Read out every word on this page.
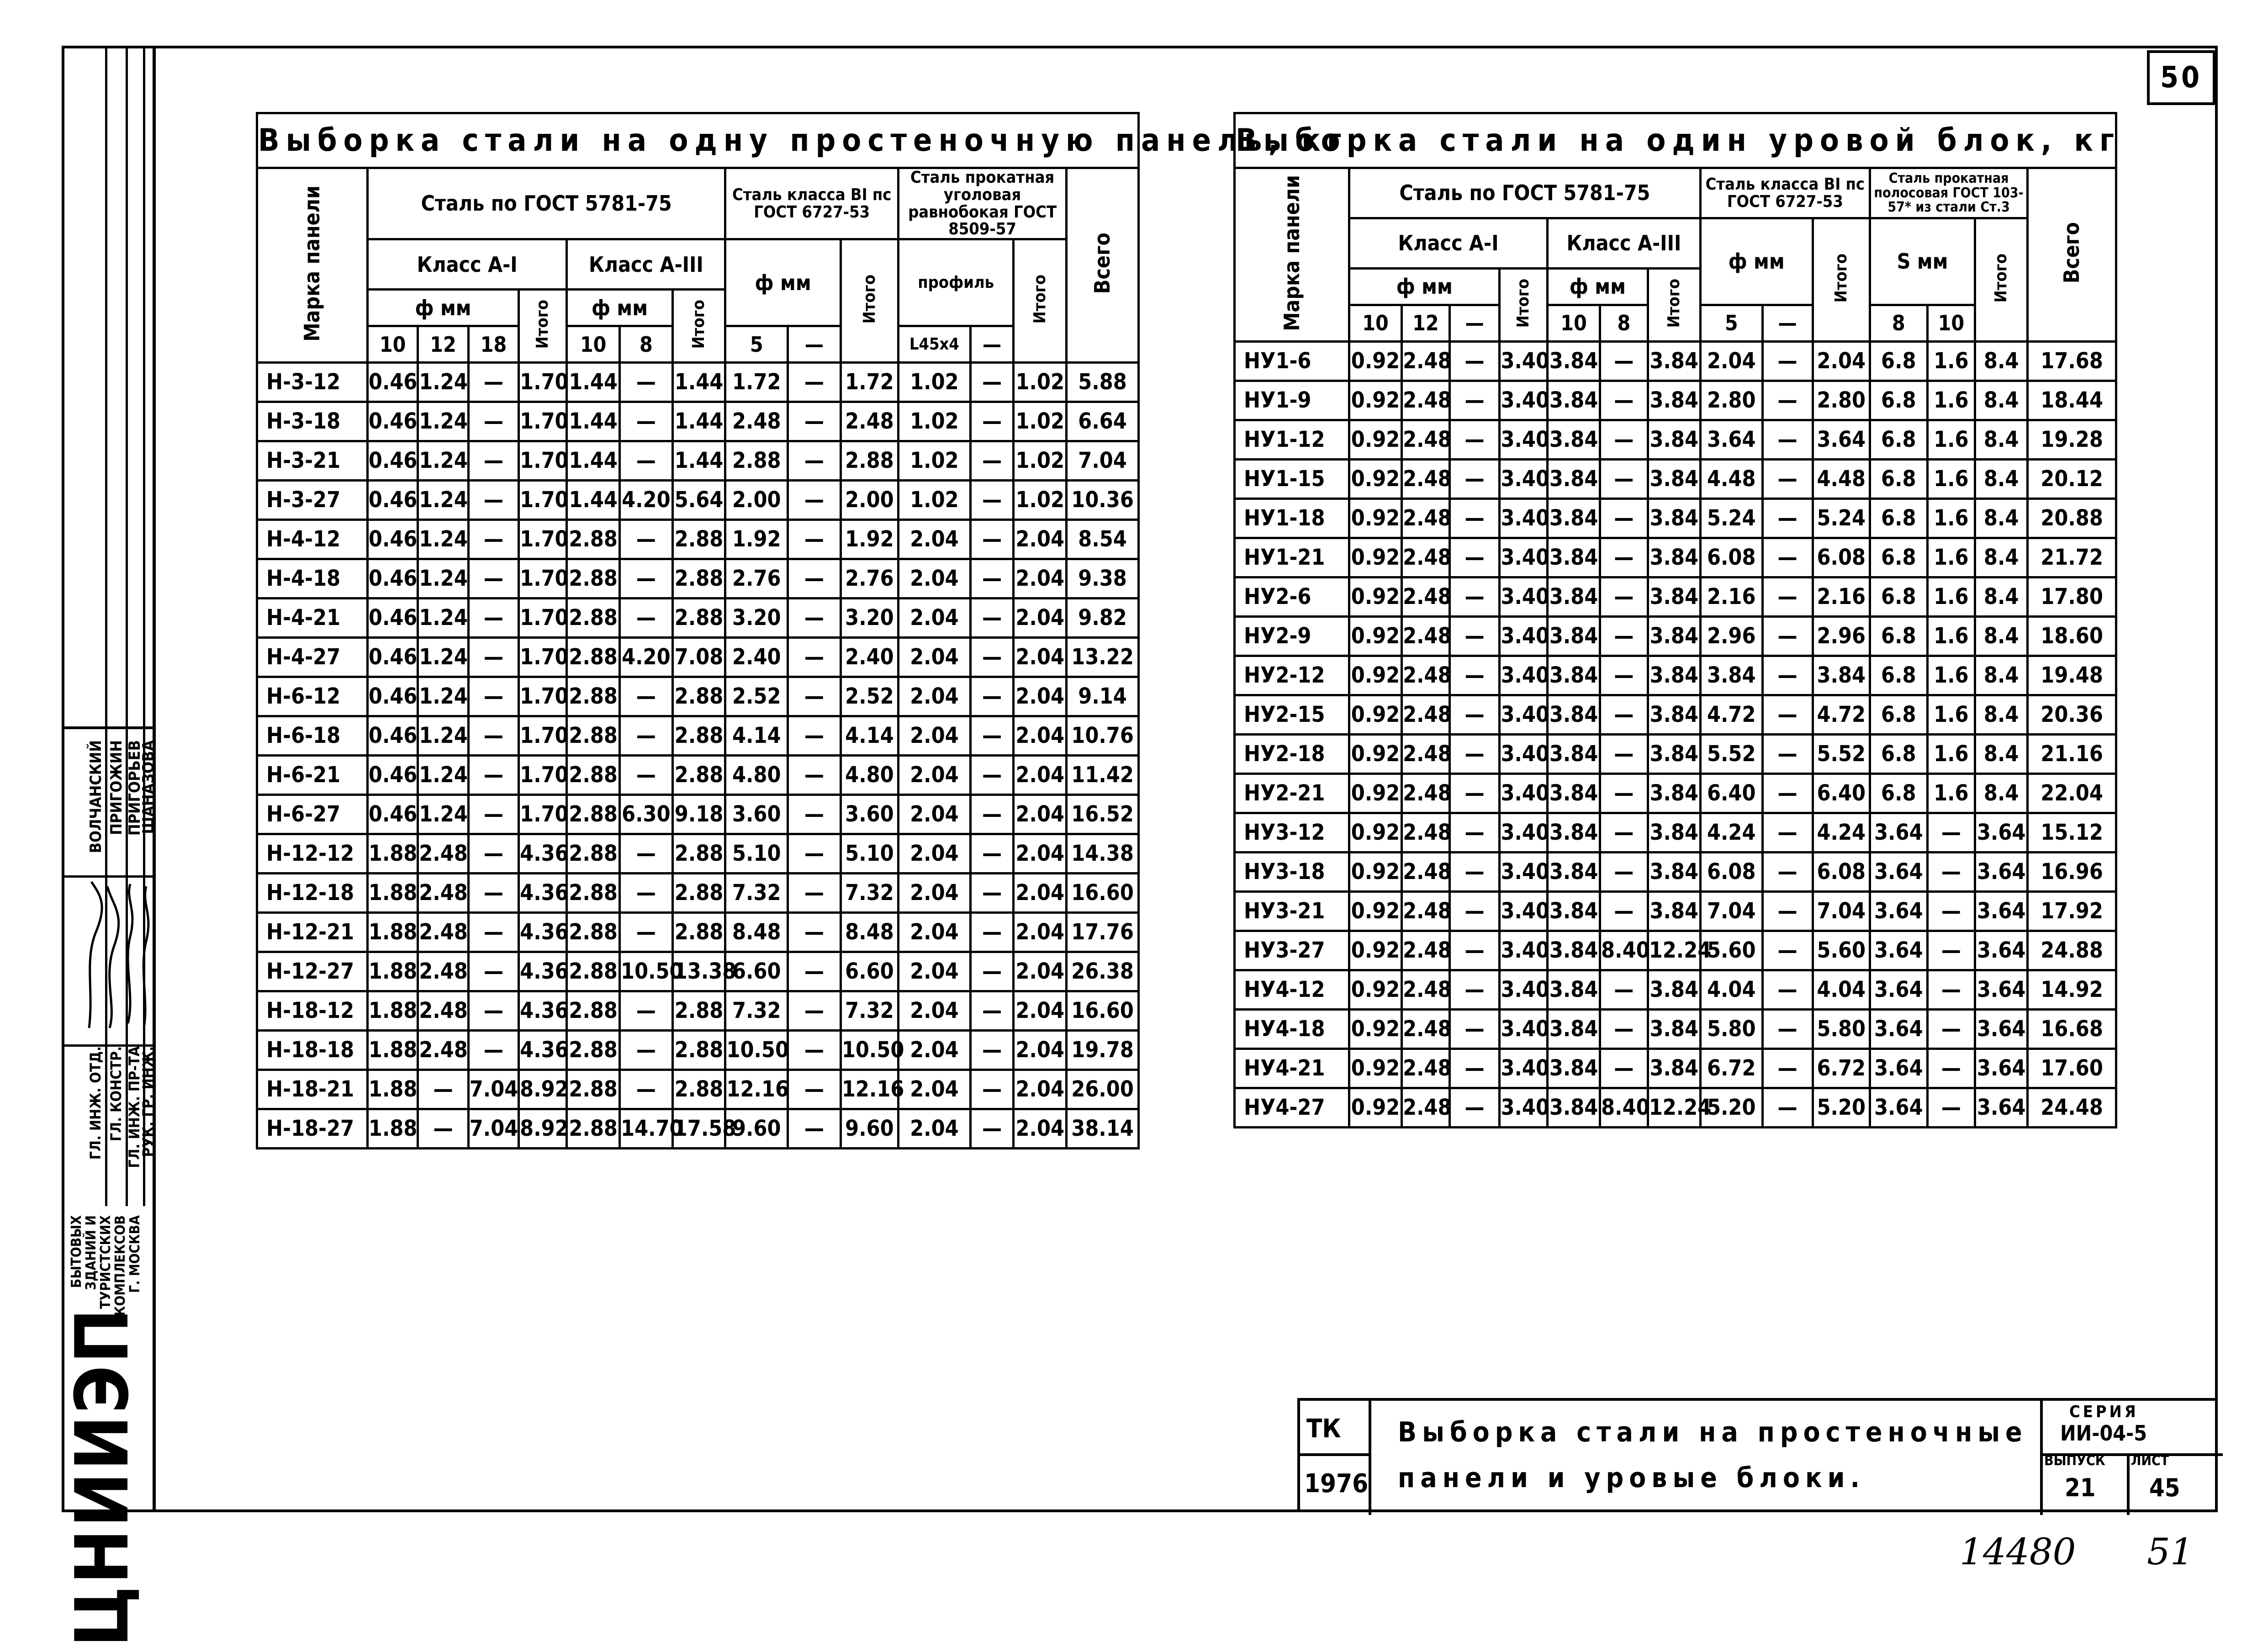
50
ВОЛЧАНСКИЙ ПРИГОЖИН ПРИГОРЬЕВ
ШАНАЗОВА
ГЛ. ИНЖ. ОТД. ГЛ. КОНСТР. ГЛ. ИНЖ. ПР-ТА
РУК. ГР. ИНЖ.
БЫТОВЫХ
ЗДАНИЙ И
ТУРИСТСКИХ
КОМПЛЕКСОВ
Г. МОСКВА
ЦНИИЭП
Выборка стали на одну простеночную панель, кг														
Марка панели	Сталь по ГОСТ 5781-75							Сталь класса ВI пс ГОСТ 6727-53			Сталь прокатная уголовая равнобокая ГОСТ 8509-57			Всего
	Класс А-I				Класс А-III			ф мм		Итого	профиль		Итого	
	ф мм			Итого	ф мм		Итого							
	10	12	18		10	8		5	—		L45x4	—		
Н-3-12	0.46	1.24	—	1.70	1.44	—	1.44	1.72	—	1.72	1.02	—	1.02	5.88
Н-3-18	0.46	1.24	—	1.70	1.44	—	1.44	2.48	—	2.48	1.02	—	1.02	6.64
Н-3-21	0.46	1.24	—	1.70	1.44	—	1.44	2.88	—	2.88	1.02	—	1.02	7.04
Н-3-27	0.46	1.24	—	1.70	1.44	4.20	5.64	2.00	—	2.00	1.02	—	1.02	10.36
Н-4-12	0.46	1.24	—	1.70	2.88	—	2.88	1.92	—	1.92	2.04	—	2.04	8.54
Н-4-18	0.46	1.24	—	1.70	2.88	—	2.88	2.76	—	2.76	2.04	—	2.04	9.38
Н-4-21	0.46	1.24	—	1.70	2.88	—	2.88	3.20	—	3.20	2.04	—	2.04	9.82
Н-4-27	0.46	1.24	—	1.70	2.88	4.20	7.08	2.40	—	2.40	2.04	—	2.04	13.22
Н-6-12	0.46	1.24	—	1.70	2.88	—	2.88	2.52	—	2.52	2.04	—	2.04	9.14
Н-6-18	0.46	1.24	—	1.70	2.88	—	2.88	4.14	—	4.14	2.04	—	2.04	10.76
Н-6-21	0.46	1.24	—	1.70	2.88	—	2.88	4.80	—	4.80	2.04	—	2.04	11.42
Н-6-27	0.46	1.24	—	1.70	2.88	6.30	9.18	3.60	—	3.60	2.04	—	2.04	16.52
Н-12-12	1.88	2.48	—	4.36	2.88	—	2.88	5.10	—	5.10	2.04	—	2.04	14.38
Н-12-18	1.88	2.48	—	4.36	2.88	—	2.88	7.32	—	7.32	2.04	—	2.04	16.60
Н-12-21	1.88	2.48	—	4.36	2.88	—	2.88	8.48	—	8.48	2.04	—	2.04	17.76
Н-12-27	1.88	2.48	—	4.36	2.88	10.50	13.38	6.60	—	6.60	2.04	—	2.04	26.38
Н-18-12	1.88	2.48	—	4.36	2.88	—	2.88	7.32	—	7.32	2.04	—	2.04	16.60
Н-18-18	1.88	2.48	—	4.36	2.88	—	2.88	10.50	—	10.50	2.04	—	2.04	19.78
Н-18-21	1.88	—	7.04	8.92	2.88	—	2.88	12.16	—	12.16	2.04	—	2.04	26.00
Н-18-27	1.88	—	7.04	8.92	2.88	14.70	17.58	9.60	—	9.60	2.04	—	2.04	38.14
Выборка стали на один уровой блок, кг														
Марка панели	Сталь по ГОСТ 5781-75							Сталь класса ВI пс ГОСТ 6727-53			Сталь прокатная полосовая ГОСТ 103-57* из стали Ст.3			Всего
	Класс А-I				Класс А-III			ф мм		Итого	S мм		Итого	
	ф мм			Итого	ф мм		Итого							
	10	12	—		10	8		5	—		8	10		
НУ1-6	0.92	2.48	—	3.40	3.84	—	3.84	2.04	—	2.04	6.8	1.6	8.4	17.68
НУ1-9	0.92	2.48	—	3.40	3.84	—	3.84	2.80	—	2.80	6.8	1.6	8.4	18.44
НУ1-12	0.92	2.48	—	3.40	3.84	—	3.84	3.64	—	3.64	6.8	1.6	8.4	19.28
НУ1-15	0.92	2.48	—	3.40	3.84	—	3.84	4.48	—	4.48	6.8	1.6	8.4	20.12
НУ1-18	0.92	2.48	—	3.40	3.84	—	3.84	5.24	—	5.24	6.8	1.6	8.4	20.88
НУ1-21	0.92	2.48	—	3.40	3.84	—	3.84	6.08	—	6.08	6.8	1.6	8.4	21.72
НУ2-6	0.92	2.48	—	3.40	3.84	—	3.84	2.16	—	2.16	6.8	1.6	8.4	17.80
НУ2-9	0.92	2.48	—	3.40	3.84	—	3.84	2.96	—	2.96	6.8	1.6	8.4	18.60
НУ2-12	0.92	2.48	—	3.40	3.84	—	3.84	3.84	—	3.84	6.8	1.6	8.4	19.48
НУ2-15	0.92	2.48	—	3.40	3.84	—	3.84	4.72	—	4.72	6.8	1.6	8.4	20.36
НУ2-18	0.92	2.48	—	3.40	3.84	—	3.84	5.52	—	5.52	6.8	1.6	8.4	21.16
НУ2-21	0.92	2.48	—	3.40	3.84	—	3.84	6.40	—	6.40	6.8	1.6	8.4	22.04
НУ3-12	0.92	2.48	—	3.40	3.84	—	3.84	4.24	—	4.24	3.64	—	3.64	15.12
НУ3-18	0.92	2.48	—	3.40	3.84	—	3.84	6.08	—	6.08	3.64	—	3.64	16.96
НУ3-21	0.92	2.48	—	3.40	3.84	—	3.84	7.04	—	7.04	3.64	—	3.64	17.92
НУ3-27	0.92	2.48	—	3.40	3.84	8.40	12.24	5.60	—	5.60	3.64	—	3.64	24.88
НУ4-12	0.92	2.48	—	3.40	3.84	—	3.84	4.04	—	4.04	3.64	—	3.64	14.92
НУ4-18	0.92	2.48	—	3.40	3.84	—	3.84	5.80	—	5.80	3.64	—	3.64	16.68
НУ4-21	0.92	2.48	—	3.40	3.84	—	3.84	6.72	—	6.72	3.64	—	3.64	17.60
НУ4-27	0.92	2.48	—	3.40	3.84	8.40	12.24	5.20	—	5.20	3.64	—	3.64	24.48
ТК
1976
Выборка стали на простеночные панели и уровые блоки.
СЕРИЯ
ИИ-04-5
ВЫПУСК
21
ЛИСТ
45
14480 51
